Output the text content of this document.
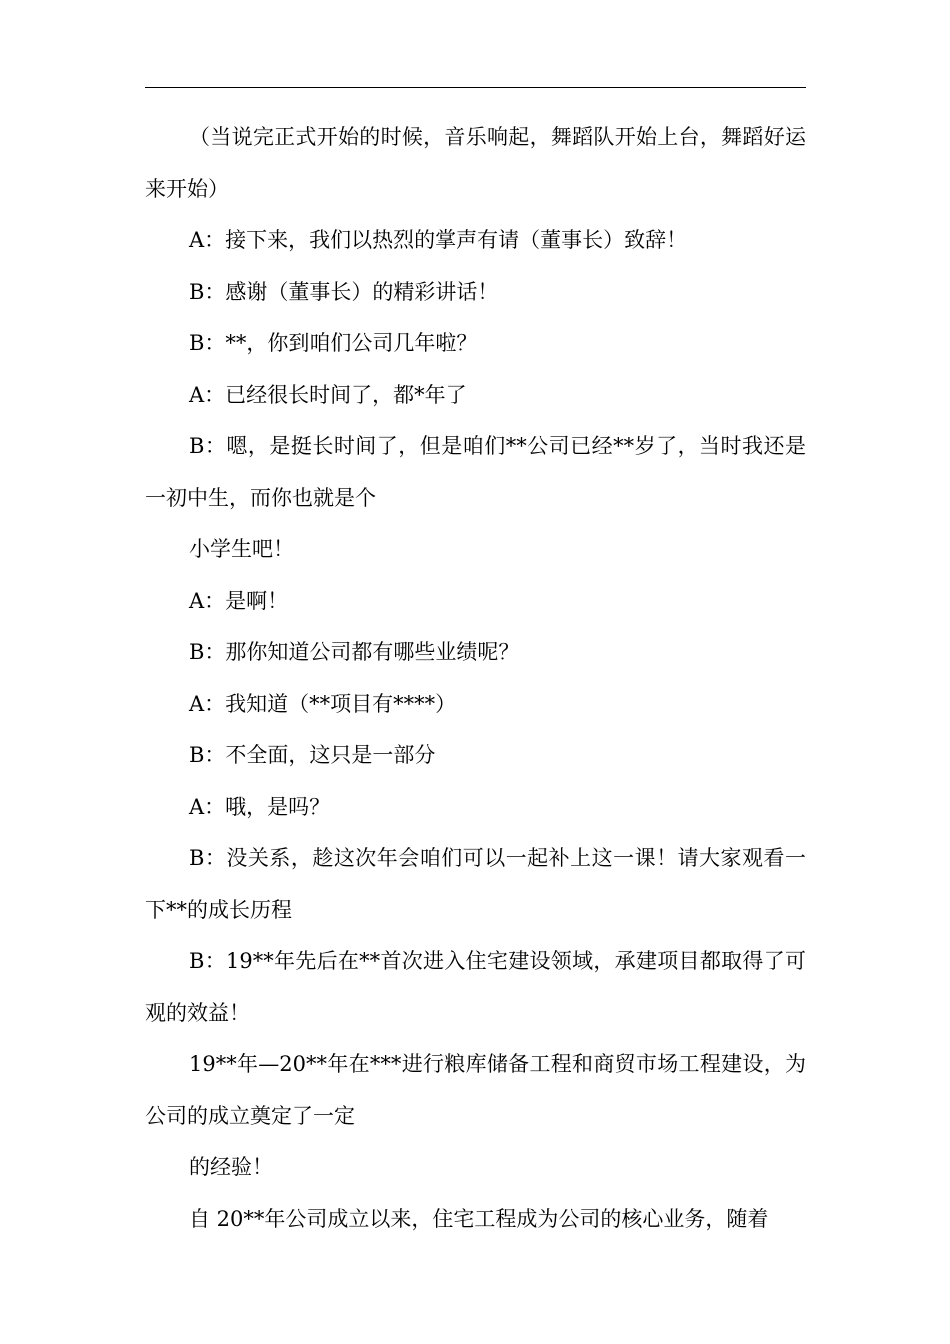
（当说完正式开始的时候，音乐响起，舞蹈队开始上台，舞蹈好运来开始）

A：接下来，我们以热烈的掌声有请（董事长）致辞！

B：感谢（董事长）的精彩讲话！

B：**，你到咱们公司几年啦？

A：已经很长时间了，都*年了

B：嗯，是挺长时间了，但是咱们**公司已经**岁了，当时我还是一初中生，而你也就是个

小学生吧！

A：是啊！

B：那你知道公司都有哪些业绩呢？

A：我知道（**项目有****）

B：不全面，这只是一部分

A：哦，是吗？

B：没关系，趁这次年会咱们可以一起补上这一课！请大家观看一下**的成长历程

B：19**年先后在**首次进入住宅建设领域，承建项目都取得了可观的效益！

19**年—20**年在***进行粮库储备工程和商贸市场工程建设，为公司的成立奠定了一定

的经验！

自 20**年公司成立以来，住宅工程成为公司的核心业务，随着
